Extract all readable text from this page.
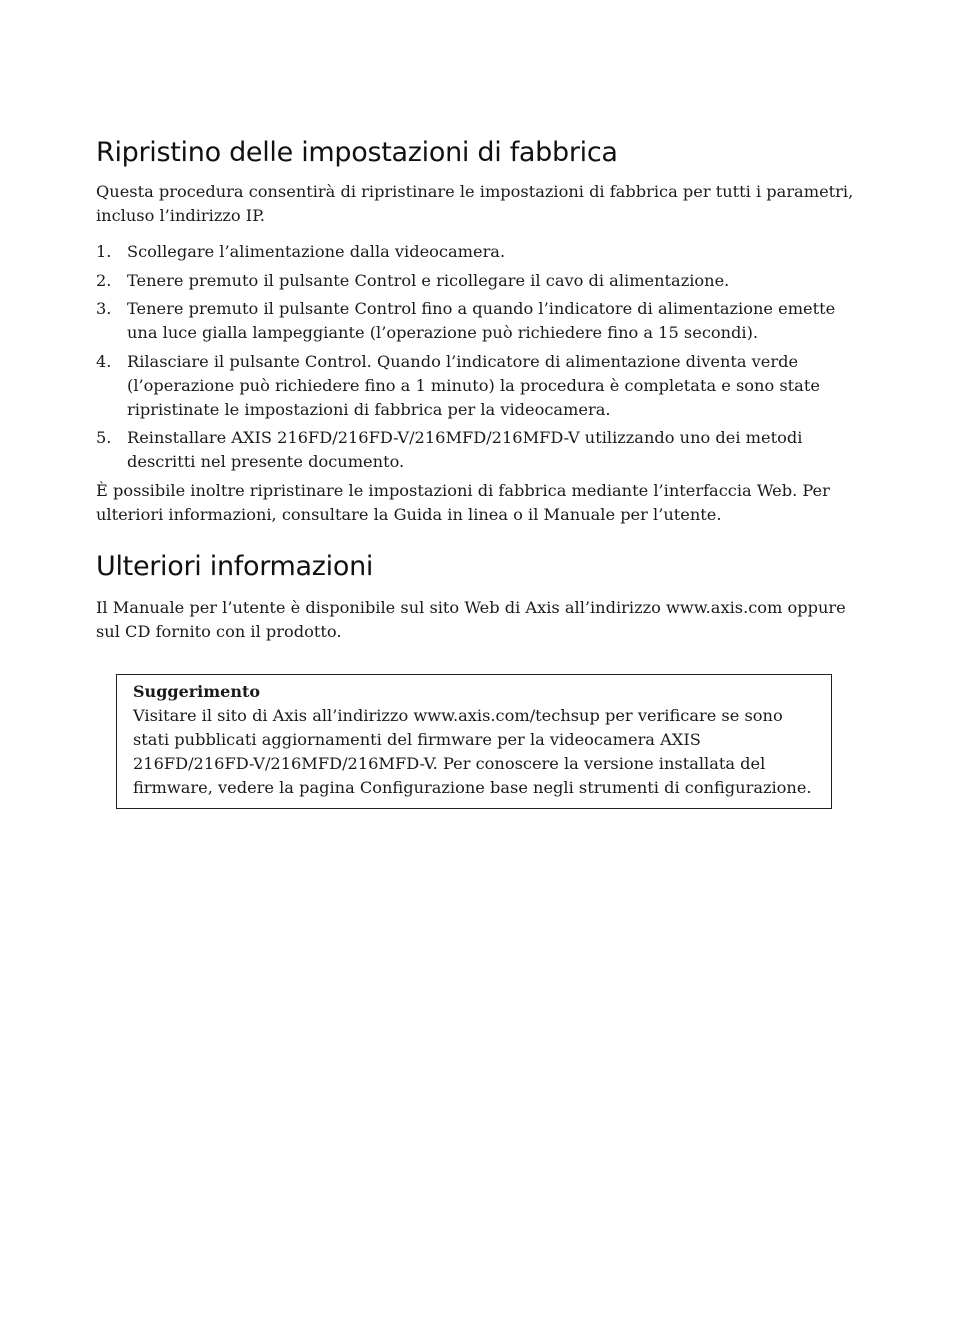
Ripristino delle impostazioni di fabbrica

Questa procedura consentirà di ripristinare le impostazioni di fabbrica per tutti i parametri, incluso l’indirizzo IP.

1. Scollegare l’alimentazione dalla videocamera.
2. Tenere premuto il pulsante Control e ricollegare il cavo di alimentazione.
3. Tenere premuto il pulsante Control fino a quando l’indicatore di alimentazione emette una luce gialla lampeggiante (l’operazione può richiedere fino a 15 secondi).
4. Rilasciare il pulsante Control. Quando l’indicatore di alimentazione diventa verde (l’operazione può richiedere fino a 1 minuto) la procedura è completata e sono state ripristinate le impostazioni di fabbrica per la videocamera.
5. Reinstallare AXIS 216FD/216FD-V/216MFD/216MFD-V utilizzando uno dei metodi descritti nel presente documento.

È possibile inoltre ripristinare le impostazioni di fabbrica mediante l’interfaccia Web. Per ulteriori informazioni, consultare la Guida in linea o il Manuale per l’utente.

Ulteriori informazioni

Il Manuale per l’utente è disponibile sul sito Web di Axis all’indirizzo www.axis.com oppure sul CD fornito con il prodotto.

Suggerimento
Visitare il sito di Axis all’indirizzo www.axis.com/techsup per verificare se sono stati pubblicati aggiornamenti del firmware per la videocamera AXIS 216FD/216FD-V/216MFD/216MFD-V. Per conoscere la versione installata del firmware, vedere la pagina Configurazione base negli strumenti di configurazione.
